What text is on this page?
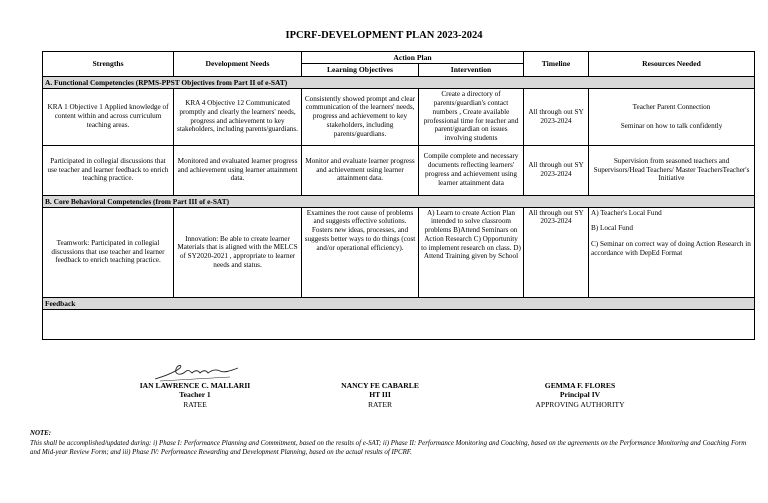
IPCRF-DEVELOPMENT PLAN 2023-2024
Strengths	Development Needs	Action Plan		Timeline	Resources Needed
		Learning Objectives	Intervention		
A. Functional Competencies (RPMS-PPST Objectives from Part II of e-SAT)					
KRA 1 Objective 1 Applied knowledge of content within and across curriculum teaching areas.	KRA 4 Objective 12 Communicated promptly and clearly the learners' needs, progress and achievement to key stakeholders, including parents/guardians.	Consistently showed prompt and clear communication of the learners' needs, progress and achievement to key stakeholders, including parents/guardians.	Create a directory of parents/guardian's contact numbers , Create available professional time for teacher and parent/guardian on issues involving students	All through out SY 2023-2024	Teacher Parent Connection
Seminar on how to talk confidently

Participated in collegial discussions that use teacher and learner feedback to enrich teaching practice.	Monitored and evaluated learner progress and achievement using learner attainment data.	Monitor and evaluate learner progress and achievement using learner attainment data.	Compile complete and necessary documents reflecting learners' progress and achievement using learner attainment data	All through out SY 2023-2024	Supervision from seasoned teachers and Supervisors/Head Teachers/ Master TeachersTeacher's Initiative
B. Core Behavioral Competencies (from Part III of e-SAT)					
Teamwork: Participated in collegial discussions that use teacher and learner feedback to enrich teaching practice.	Innovation: Be able to create learner Materials that is aligned with the MELCS of SY2020-2021 , appropriate to learner needs and status.	Examines the root cause of problems and suggests effective solutions. Fosters new ideas, processes, and suggests better ways to do things (cost and/or operational efficiency).	A) Learn to create Action Plan intended to solve classroom problems B)Attend Seminars on Action Research C) Opportunity to implement research on class. D) Attend Training given by School	All through out SY 2023-2024	A) Teacher's Local Fund
B) Local Fund
C) Seminar on correct way of doing Action Research in accordance with DepEd Format

Feedback					

IAN LAWRENCE C. MALLARII
Teacher 1
RATEE
NANCY FE CABARLE
HT III
RATER
GEMMA F. FLORES
Principal IV
APPROVING AUTHORITY
NOTE:
This shall be accomplished/updated during: i) Phase I: Performance Planning and Commitment, based on the results of e-SAT; ii) Phase II: Performance Monitoring and Coaching, based on the agreements on the Performance Monitoring and Coaching Form and Mid-year Review Form; and iii) Phase IV: Performance Rewarding and Development Planning, based on the actual results of IPCRF.
